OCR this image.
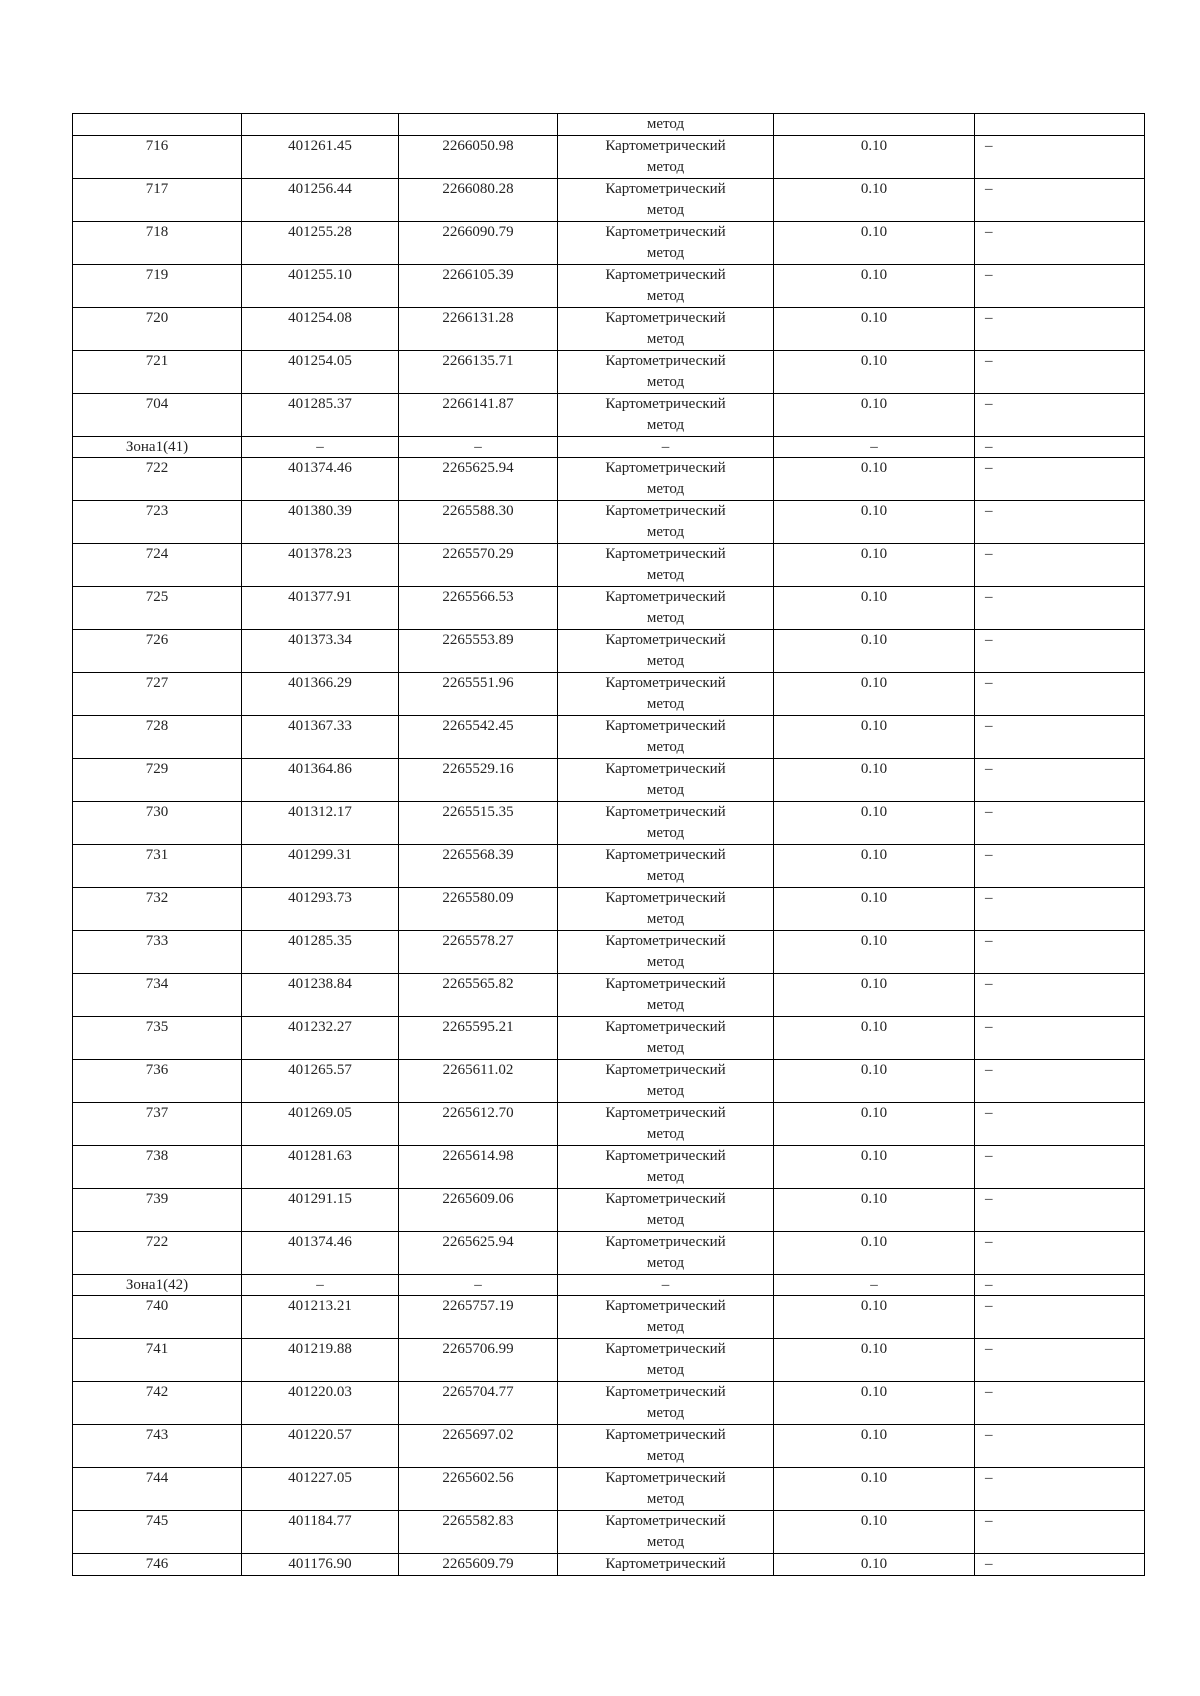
			метод		
716	401261.45	2266050.98	Картометрический
метод	0.10	–
717	401256.44	2266080.28	Картометрический
метод	0.10	–
718	401255.28	2266090.79	Картометрический
метод	0.10	–
719	401255.10	2266105.39	Картометрический
метод	0.10	–
720	401254.08	2266131.28	Картометрический
метод	0.10	–
721	401254.05	2266135.71	Картометрический
метод	0.10	–
704	401285.37	2266141.87	Картометрический
метод	0.10	–
Зона1(41)	–	–	–	–	–
722	401374.46	2265625.94	Картометрический
метод	0.10	–
723	401380.39	2265588.30	Картометрический
метод	0.10	–
724	401378.23	2265570.29	Картометрический
метод	0.10	–
725	401377.91	2265566.53	Картометрический
метод	0.10	–
726	401373.34	2265553.89	Картометрический
метод	0.10	–
727	401366.29	2265551.96	Картометрический
метод	0.10	–
728	401367.33	2265542.45	Картометрический
метод	0.10	–
729	401364.86	2265529.16	Картометрический
метод	0.10	–
730	401312.17	2265515.35	Картометрический
метод	0.10	–
731	401299.31	2265568.39	Картометрический
метод	0.10	–
732	401293.73	2265580.09	Картометрический
метод	0.10	–
733	401285.35	2265578.27	Картометрический
метод	0.10	–
734	401238.84	2265565.82	Картометрический
метод	0.10	–
735	401232.27	2265595.21	Картометрический
метод	0.10	–
736	401265.57	2265611.02	Картометрический
метод	0.10	–
737	401269.05	2265612.70	Картометрический
метод	0.10	–
738	401281.63	2265614.98	Картометрический
метод	0.10	–
739	401291.15	2265609.06	Картометрический
метод	0.10	–
722	401374.46	2265625.94	Картометрический
метод	0.10	–
Зона1(42)	–	–	–	–	–
740	401213.21	2265757.19	Картометрический
метод	0.10	–
741	401219.88	2265706.99	Картометрический
метод	0.10	–
742	401220.03	2265704.77	Картометрический
метод	0.10	–
743	401220.57	2265697.02	Картометрический
метод	0.10	–
744	401227.05	2265602.56	Картометрический
метод	0.10	–
745	401184.77	2265582.83	Картометрический
метод	0.10	–
746	401176.90	2265609.79	Картометрический	0.10	–
